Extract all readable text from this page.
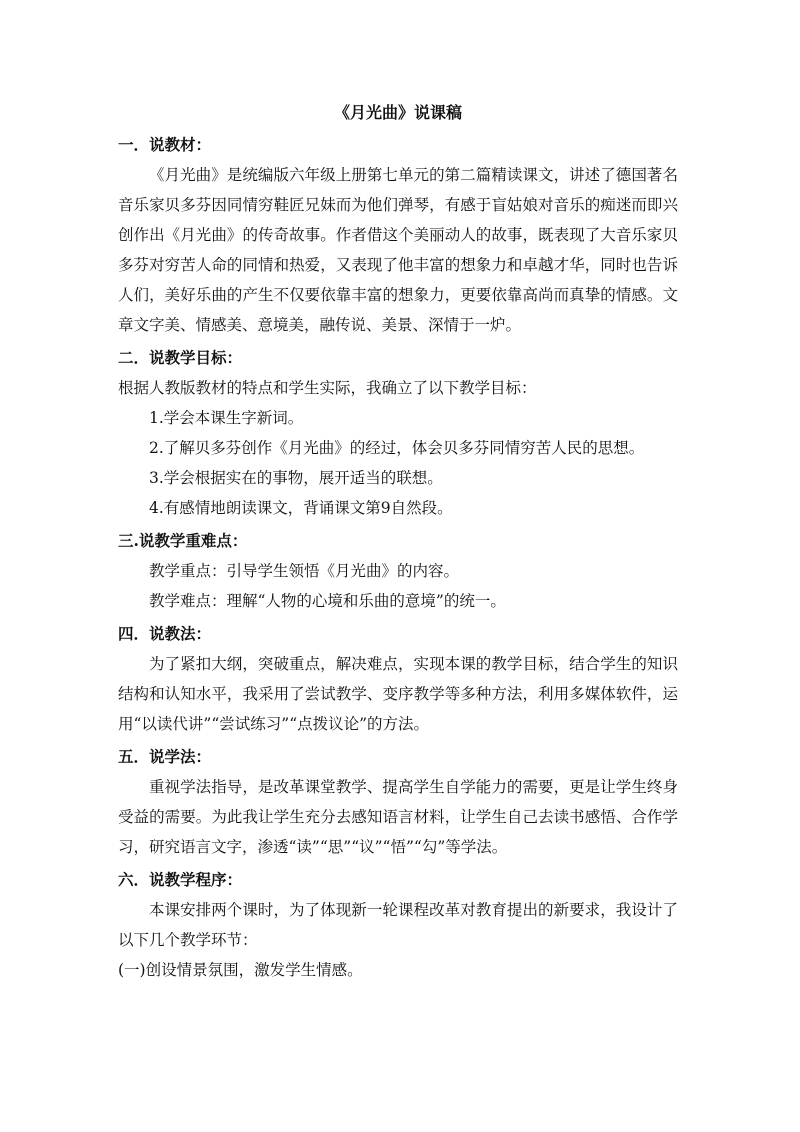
《月光曲》说课稿

一．说教材：

《月光曲》是统编版六年级上册第七单元的第二篇精读课文，讲述了德国著名音乐家贝多芬因同情穷鞋匠兄妹而为他们弹琴，有感于盲姑娘对音乐的痴迷而即兴创作出《月光曲》的传奇故事。作者借这个美丽动人的故事，既表现了大音乐家贝多芬对穷苦人命的同情和热爱，又表现了他丰富的想象力和卓越才华，同时也告诉人们，美好乐曲的产生不仅要依靠丰富的想象力，更要依靠高尚而真挚的情感。文章文字美、情感美、意境美，融传说、美景、深情于一炉。

二．说教学目标：

根据人教版教材的特点和学生实际，我确立了以下教学目标：

1.学会本课生字新词。

2.了解贝多芬创作《月光曲》的经过，体会贝多芬同情穷苦人民的思想。

3.学会根据实在的事物，展开适当的联想。

4.有感情地朗读课文，背诵课文第9自然段。

三.说教学重难点：

教学重点：引导学生领悟《月光曲》的内容。

教学难点：理解“人物的心境和乐曲的意境”的统一。

四．说教法：

为了紧扣大纲，突破重点，解决难点，实现本课的教学目标，结合学生的知识结构和认知水平，我采用了尝试教学、变序教学等多种方法，利用多媒体软件，运用“以读代讲”“尝试练习”“点拨议论”的方法。

五．说学法：

重视学法指导，是改革课堂教学、提高学生自学能力的需要，更是让学生终身受益的需要。为此我让学生充分去感知语言材料，让学生自己去读书感悟、合作学习，研究语言文字，渗透“读”“思”“议”“悟”“勾”等学法。

六．说教学程序：

本课安排两个课时，为了体现新一轮课程改革对教育提出的新要求，我设计了以下几个教学环节：

(一)创设情景氛围，激发学生情感。
